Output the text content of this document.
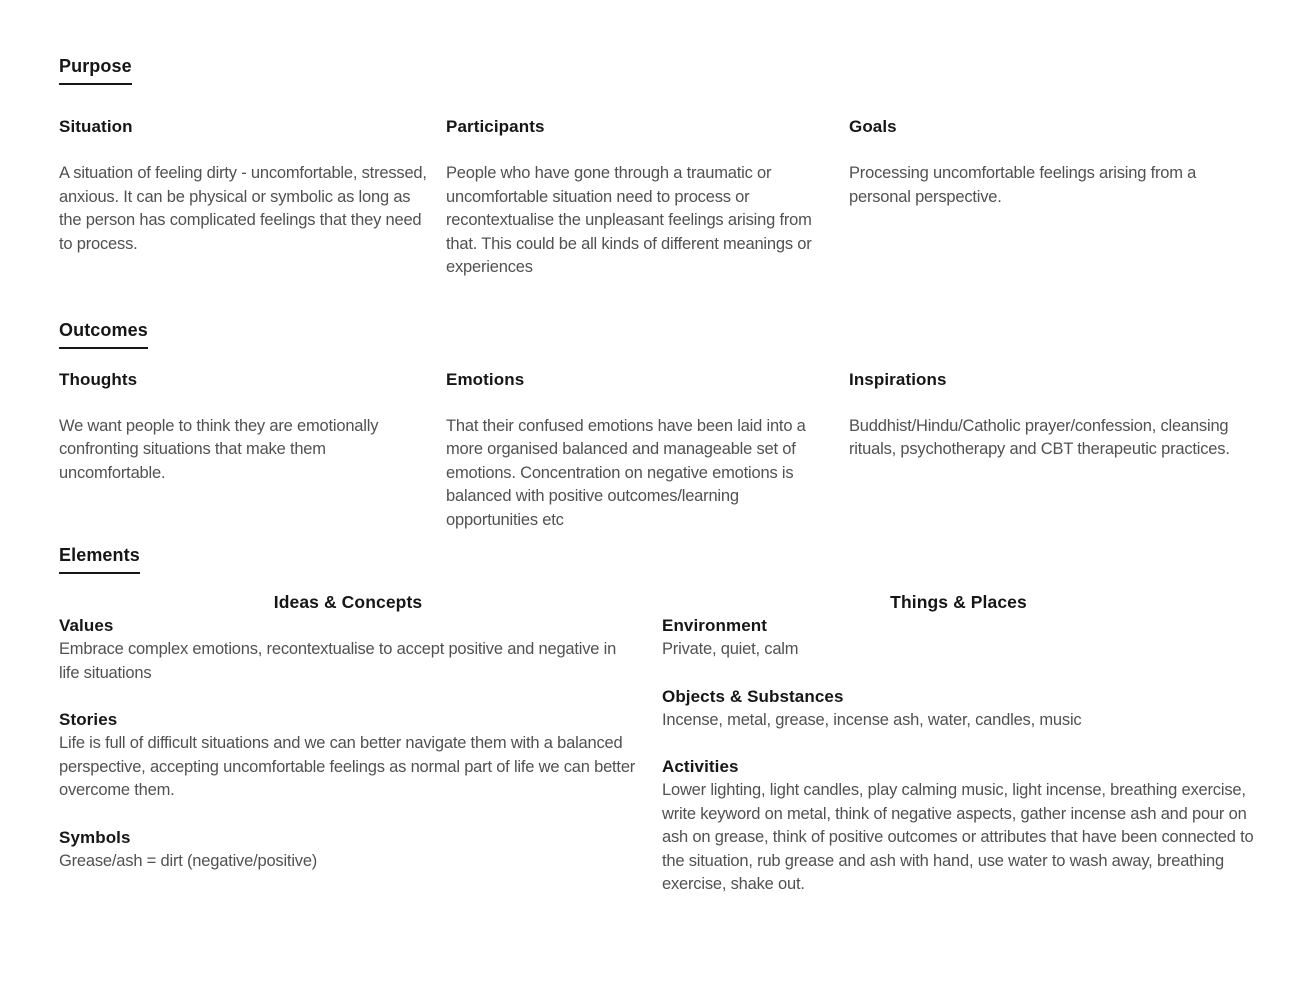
Purpose
Situation

A situation of feeling dirty - uncomfortable, stressed, anxious. It can be physical or symbolic as long as the person has complicated feelings that they need to process.

Participants

People who have gone through a traumatic or uncomfortable situation need to process or recontextualise the unpleasant feelings arising from that. This could be all kinds of different meanings or experiences

Goals

Processing uncomfortable feelings arising from a personal perspective.

Outcomes
Thoughts

We want people to think they are emotionally confronting situations that make them uncomfortable.

Emotions

That their confused emotions have been laid into a more organised balanced and manageable set of emotions. Concentration on negative emotions is balanced with positive outcomes/learning opportunities etc

Inspirations

Buddhist/Hindu/Catholic prayer/confession, cleansing rituals, psychotherapy and CBT therapeutic practices.

Elements
Ideas & Concepts
Values

Embrace complex emotions, recontextualise to accept positive and negative in life situations

Stories

Life is full of difficult situations and we can better navigate them with a balanced perspective, accepting uncomfortable feelings as normal part of life we can better overcome them.

Symbols

Grease/ash = dirt (negative/positive)

Things & Places
Environment

Private, quiet, calm

Objects & Substances

Incense, metal, grease, incense ash, water, candles, music

Activities

Lower lighting, light candles, play calming music, light incense, breathing exercise, write keyword on metal, think of negative aspects, gather incense ash and pour on ash on grease, think of positive outcomes or attributes that have been connected to the situation, rub grease and ash with hand, use water to wash away, breathing exercise, shake out.
